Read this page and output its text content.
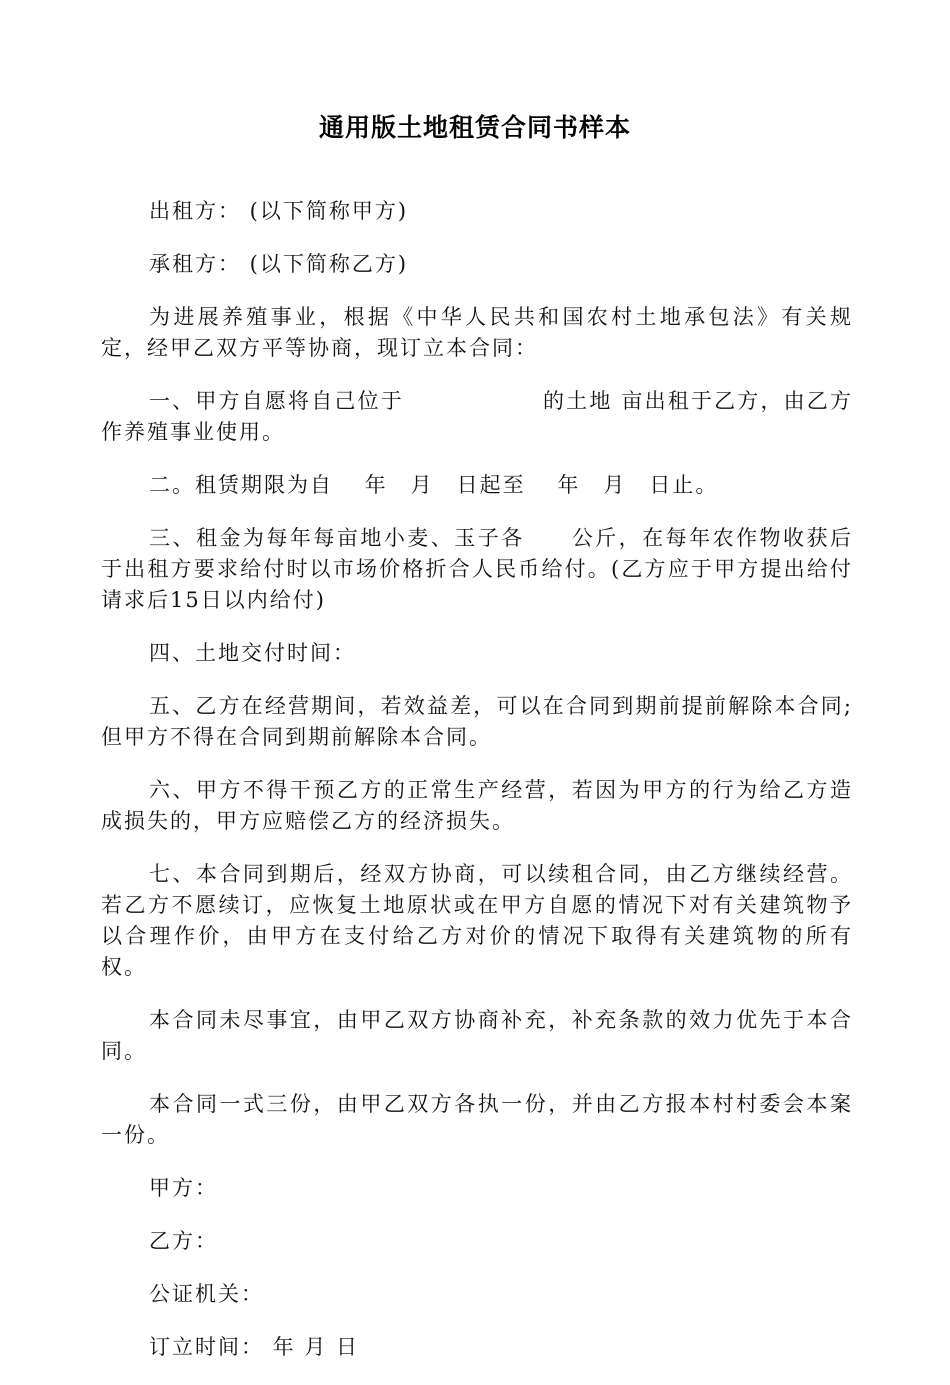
通用版土地租赁合同书样本

出租方： (以下简称甲方)

承租方： (以下简称乙方)

为进展养殖事业，根据《中华人民共和国农村土地承包法》有关规定，经甲乙双方平等协商，现订立本合同：

一、甲方自愿将自己位于　　　　　　的土地 亩出租于乙方，由乙方作养殖事业使用。

二。租赁期限为自　 年　月　日起至　 年　月　日止。

三、租金为每年每亩地小麦、玉子各　　公斤，在每年农作物收获后于出租方要求给付时以市场价格折合人民币给付。(乙方应于甲方提出给付请求后15日以内给付)

四、土地交付时间：

五、乙方在经营期间，若效益差，可以在合同到期前提前解除本合同;但甲方不得在合同到期前解除本合同。

六、甲方不得干预乙方的正常生产经营，若因为甲方的行为给乙方造成损失的，甲方应赔偿乙方的经济损失。

七、本合同到期后，经双方协商，可以续租合同，由乙方继续经营。若乙方不愿续订，应恢复土地原状或在甲方自愿的情况下对有关建筑物予以合理作价，由甲方在支付给乙方对价的情况下取得有关建筑物的所有权。

本合同未尽事宜，由甲乙双方协商补充，补充条款的效力优先于本合同。

本合同一式三份，由甲乙双方各执一份，并由乙方报本村村委会本案一份。

甲方：

乙方：

公证机关：

订立时间： 年 月 日
